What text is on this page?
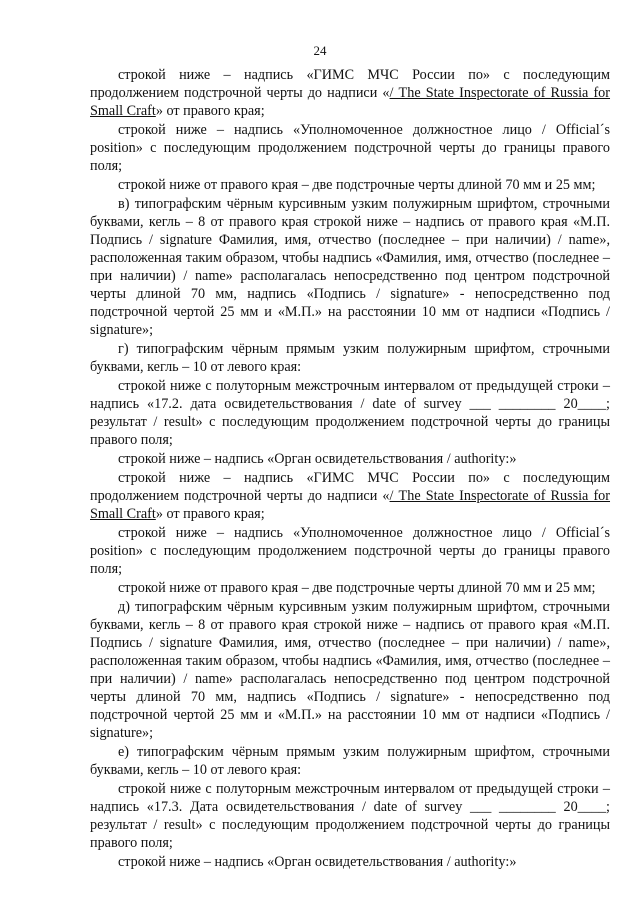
24

строкой ниже – надпись «ГИМС МЧС России по» с последующим продолжением подстрочной черты до надписи «/ The State Inspectorate of Russia for Small Craft» от правого края;

строкой ниже – надпись «Уполномоченное должностное лицо / Official´s position» с последующим продолжением подстрочной черты до границы правого поля;

строкой ниже от правого края – две подстрочные черты длиной 70 мм и 25 мм;

в) типографским чёрным курсивным узким полужирным шрифтом, строчными буквами, кегль – 8 от правого края строкой ниже – надпись от правого края «М.П. Подпись / signature Фамилия, имя, отчество (последнее – при наличии) / name», расположенная таким образом, чтобы надпись «Фамилия, имя, отчество (последнее – при наличии) / name» располагалась непосредственно под центром подстрочной черты длиной 70 мм, надпись «Подпись / signature» - непосредственно под подстрочной чертой 25 мм и «М.П.» на расстоянии 10 мм от надписи «Подпись / signature»;

г) типографским чёрным прямым узким полужирным шрифтом, строчными буквами, кегль – 10 от левого края:

строкой ниже с полуторным межстрочным интервалом от предыдущей строки – надпись «17.2. дата освидетельствования / date of survey ___ ________ 20____; результат / result» с последующим продолжением подстрочной черты до границы правого поля;

строкой ниже – надпись «Орган освидетельствования / authority:»

строкой ниже – надпись «ГИМС МЧС России по» с последующим продолжением подстрочной черты до надписи «/ The State Inspectorate of Russia for Small Craft» от правого края;

строкой ниже – надпись «Уполномоченное должностное лицо / Official´s position» с последующим продолжением подстрочной черты до границы правого поля;

строкой ниже от правого края – две подстрочные черты длиной 70 мм и 25 мм;

д) типографским чёрным курсивным узким полужирным шрифтом, строчными буквами, кегль – 8 от правого края строкой ниже – надпись от правого края «М.П. Подпись / signature Фамилия, имя, отчество (последнее – при наличии) / name», расположенная таким образом, чтобы надпись «Фамилия, имя, отчество (последнее – при наличии) / name» располагалась непосредственно под центром подстрочной черты длиной 70 мм, надпись «Подпись / signature» - непосредственно под подстрочной чертой 25 мм и «М.П.» на расстоянии 10 мм от надписи «Подпись / signature»;

е) типографским чёрным прямым узким полужирным шрифтом, строчными буквами, кегль – 10 от левого края:

строкой ниже с полуторным межстрочным интервалом от предыдущей строки – надпись «17.3. Дата освидетельствования / date of survey ___ ________ 20____; результат / result» с последующим продолжением подстрочной черты до границы правого поля;

строкой ниже – надпись «Орган освидетельствования / authority:»
